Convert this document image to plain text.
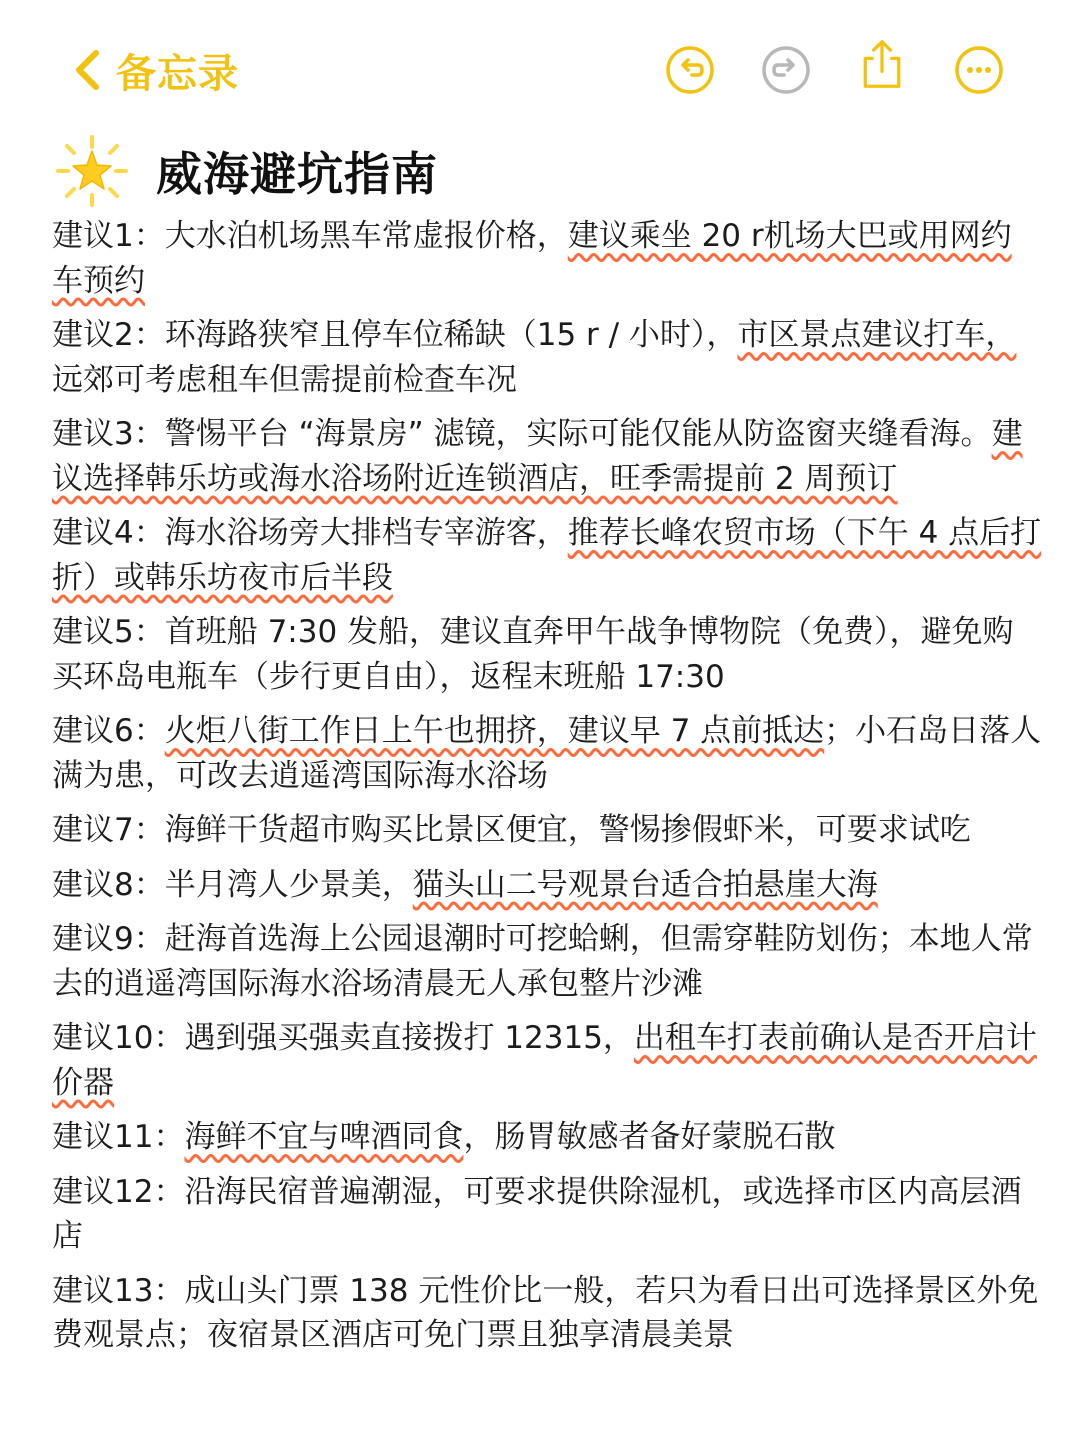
备忘录
威海避坑指南
建议1：大水泊机场黑车常虚报价格，建议乘坐 20 r机场大巴或用网约车预约
建议2：环海路狭窄且停车位稀缺（15 r / 小时），市区景点建议打车，远郊可考虑租车但需提前检查车况
建议3：警惕平台 “海景房” 滤镜，实际可能仅能从防盗窗夹缝看海。建议选择韩乐坊或海水浴场附近连锁酒店，旺季需提前 2 周预订
建议4：海水浴场旁大排档专宰游客，推荐长峰农贸市场（下午 4 点后打折）或韩乐坊夜市后半段
建议5：首班船 7:30 发船，建议直奔甲午战争博物院（免费），避免购买环岛电瓶车（步行更自由），返程末班船 17:30
建议6：火炬八街工作日上午也拥挤，建议早 7 点前抵达；小石岛日落人满为患，可改去逍遥湾国际海水浴场
建议7：海鲜干货超市购买比景区便宜，警惕掺假虾米，可要求试吃
建议8：半月湾人少景美，猫头山二号观景台适合拍悬崖大海
建议9：赶海首选海上公园退潮时可挖蛤蜊，但需穿鞋防划伤；本地人常去的逍遥湾国际海水浴场清晨无人承包整片沙滩
建议10：遇到强买强卖直接拨打 12315，出租车打表前确认是否开启计价器
建议11：海鲜不宜与啤酒同食，肠胃敏感者备好蒙脱石散
建议12：沿海民宿普遍潮湿，可要求提供除湿机，或选择市区内高层酒店
建议13：成山头门票 138 元性价比一般，若只为看日出可选择景区外免费观景点；夜宿景区酒店可免门票且独享清晨美景
